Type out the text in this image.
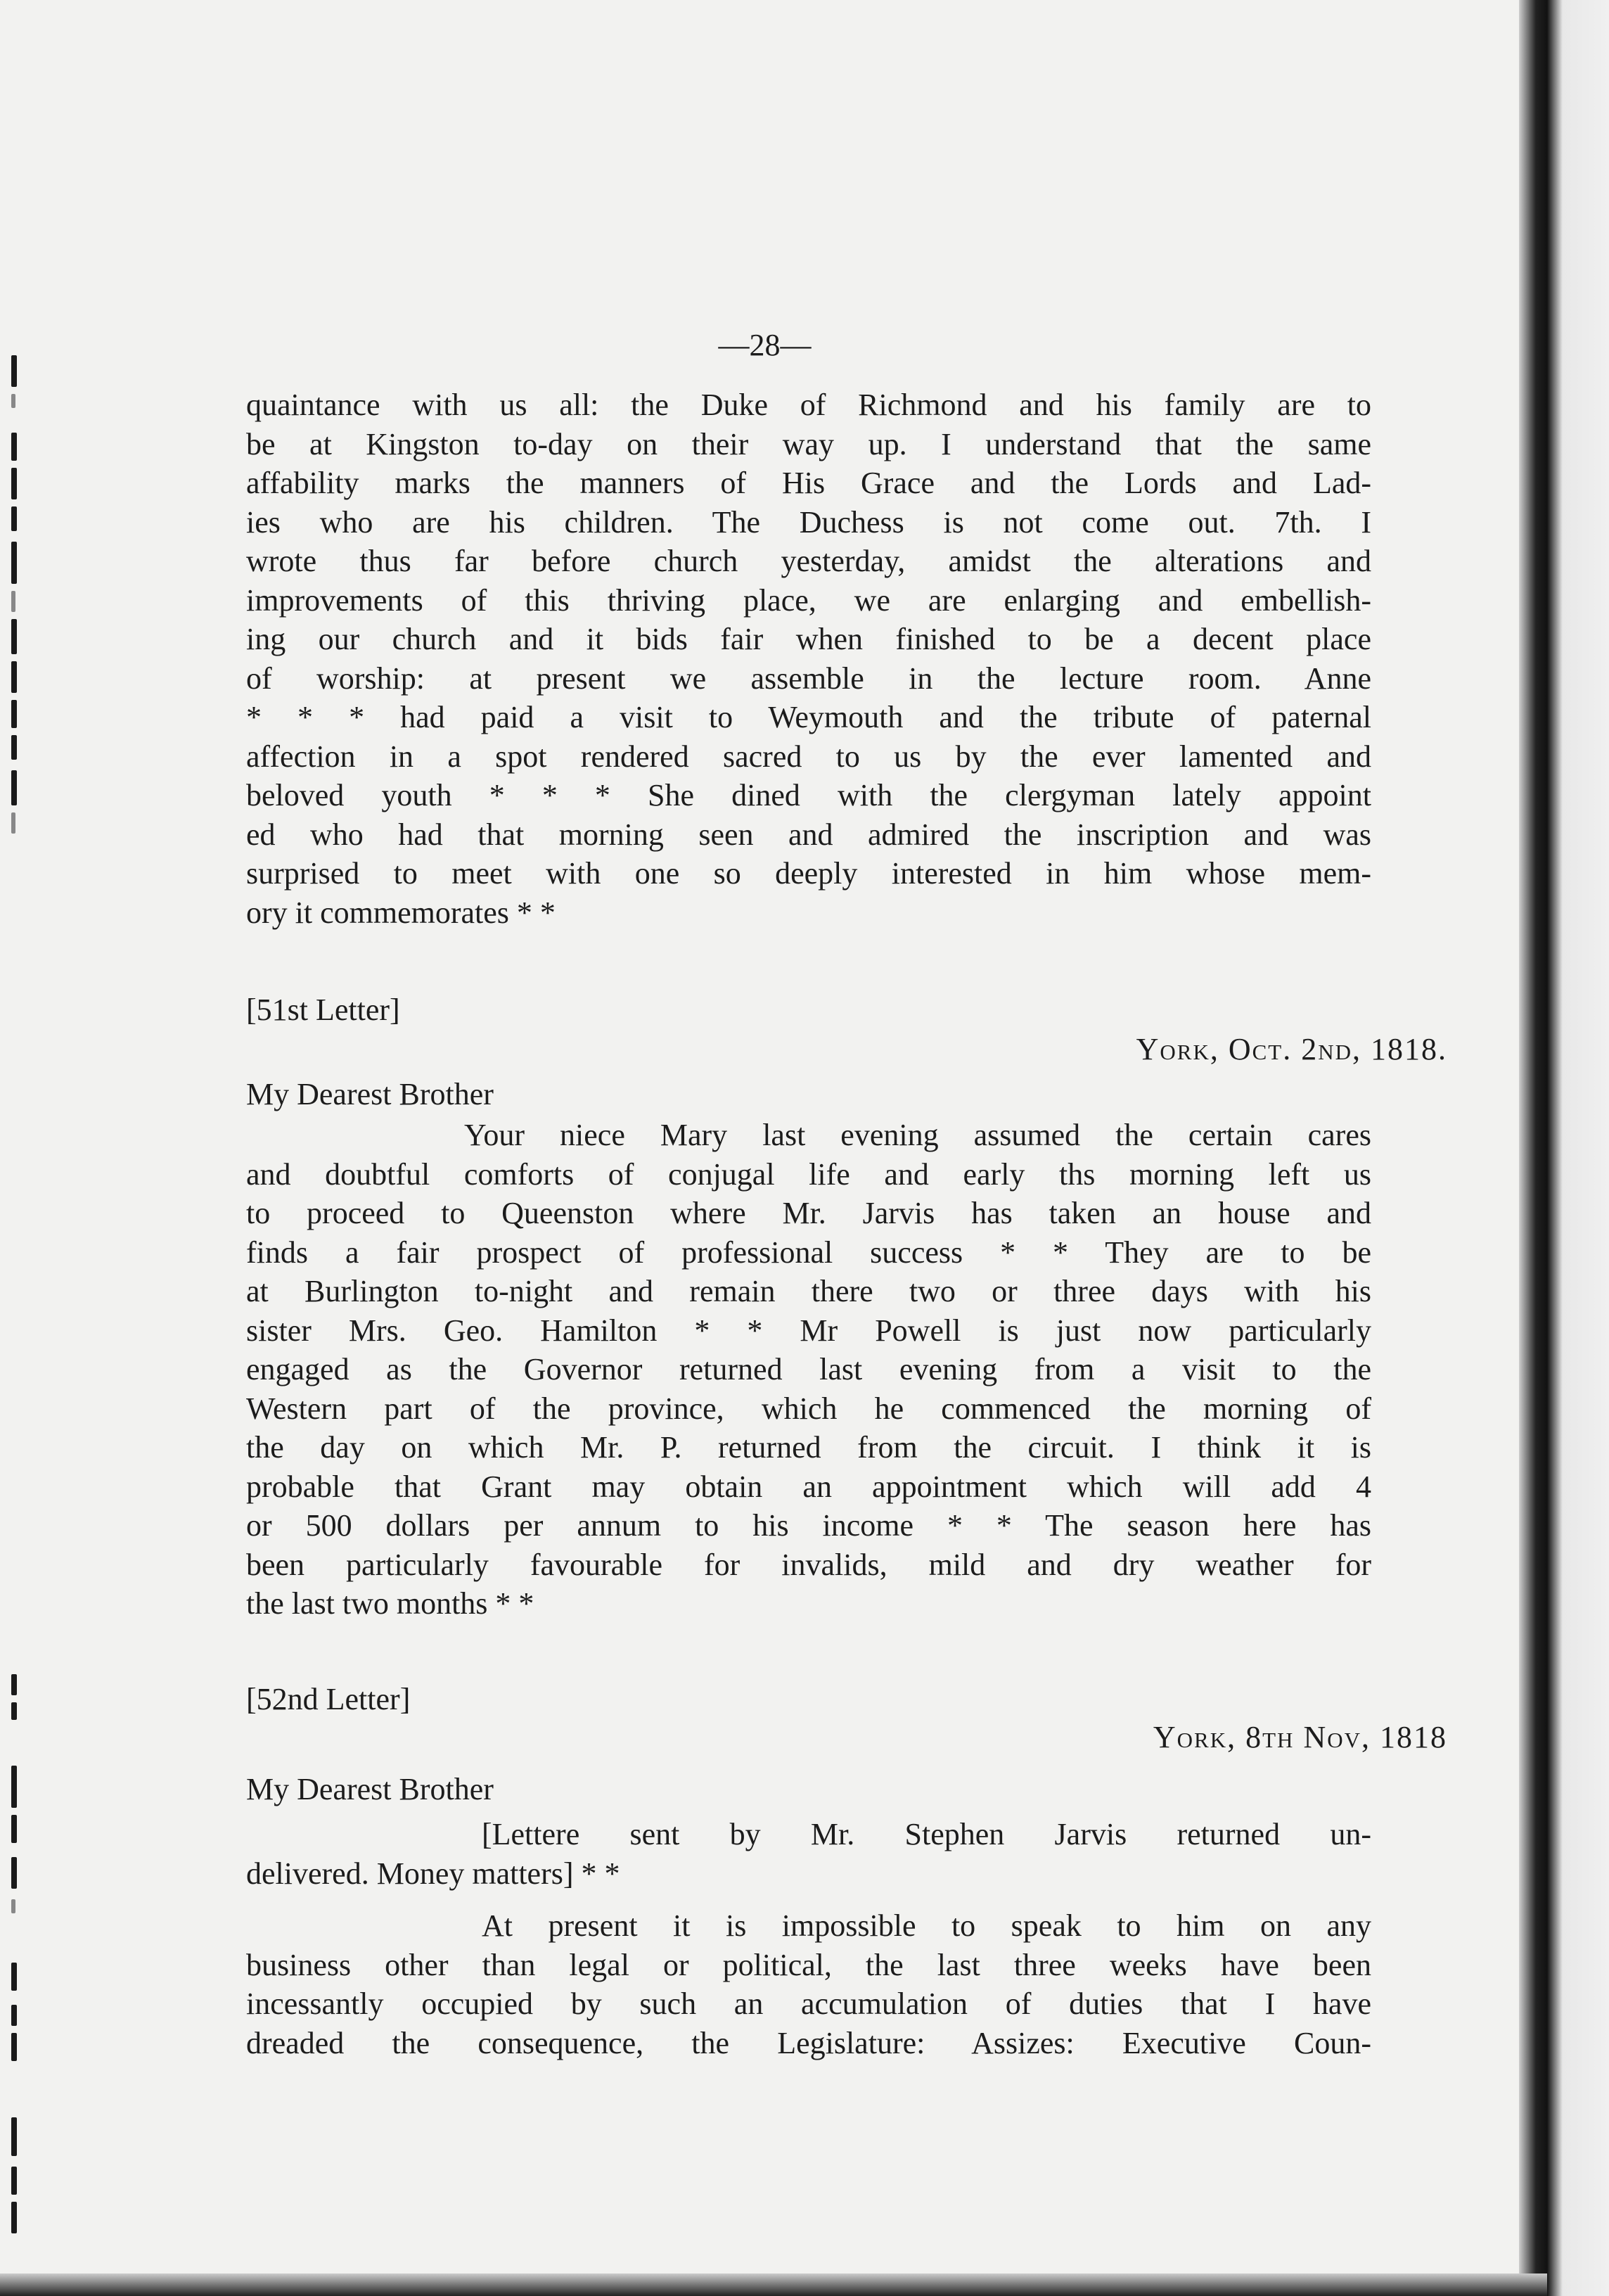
—28—
quaintance with us all: the Duke of Richmond and his family are to
be at Kingston to-day on their way up. I understand that the same
affability marks the manners of His Grace and the Lords and Lad-
ies who are his children. The Duchess is not come out. 7th. I
wrote thus far before church yesterday, amidst the alterations and
improvements of this thriving place, we are enlarging and embellish-
ing our church and it bids fair when finished to be a decent place
of worship: at present we assemble in the lecture room. Anne
* * * had paid a visit to Weymouth and the tribute of paternal
affection in a spot rendered sacred to us by the ever lamented and
beloved youth * * * She dined with the clergyman lately appoint
ed who had that morning seen and admired the inscription and was
surprised to meet with one so deeply interested in him whose mem-
ory it commemorates * *
[51st Letter]
York, Oct. 2nd, 1818.
My Dearest Brother
Your niece Mary last evening assumed the certain cares
and doubtful comforts of conjugal life and early ths morning left us
to proceed to Queenston where Mr. Jarvis has taken an house and
finds a fair prospect of professional success * * They are to be
at Burlington to-night and remain there two or three days with his
sister Mrs. Geo. Hamilton * * Mr Powell is just now particularly
engaged as the Governor returned last evening from a visit to the
Western part of the province, which he commenced the morning of
the day on which Mr. P. returned from the circuit. I think it is
probable that Grant may obtain an appointment which will add 4
or 500 dollars per annum to his income * * The season here has
been particularly favourable for invalids, mild and dry weather for
the last two months * *
[52nd Letter]
York, 8th Nov, 1818
My Dearest Brother
[Lettere sent by Mr. Stephen Jarvis returned un-
delivered. Money matters] * *
At present it is impossible to speak to him on any
business other than legal or political, the last three weeks have been
incessantly occupied by such an accumulation of duties that I have
dreaded the consequence, the Legislature: Assizes: Executive Coun-
